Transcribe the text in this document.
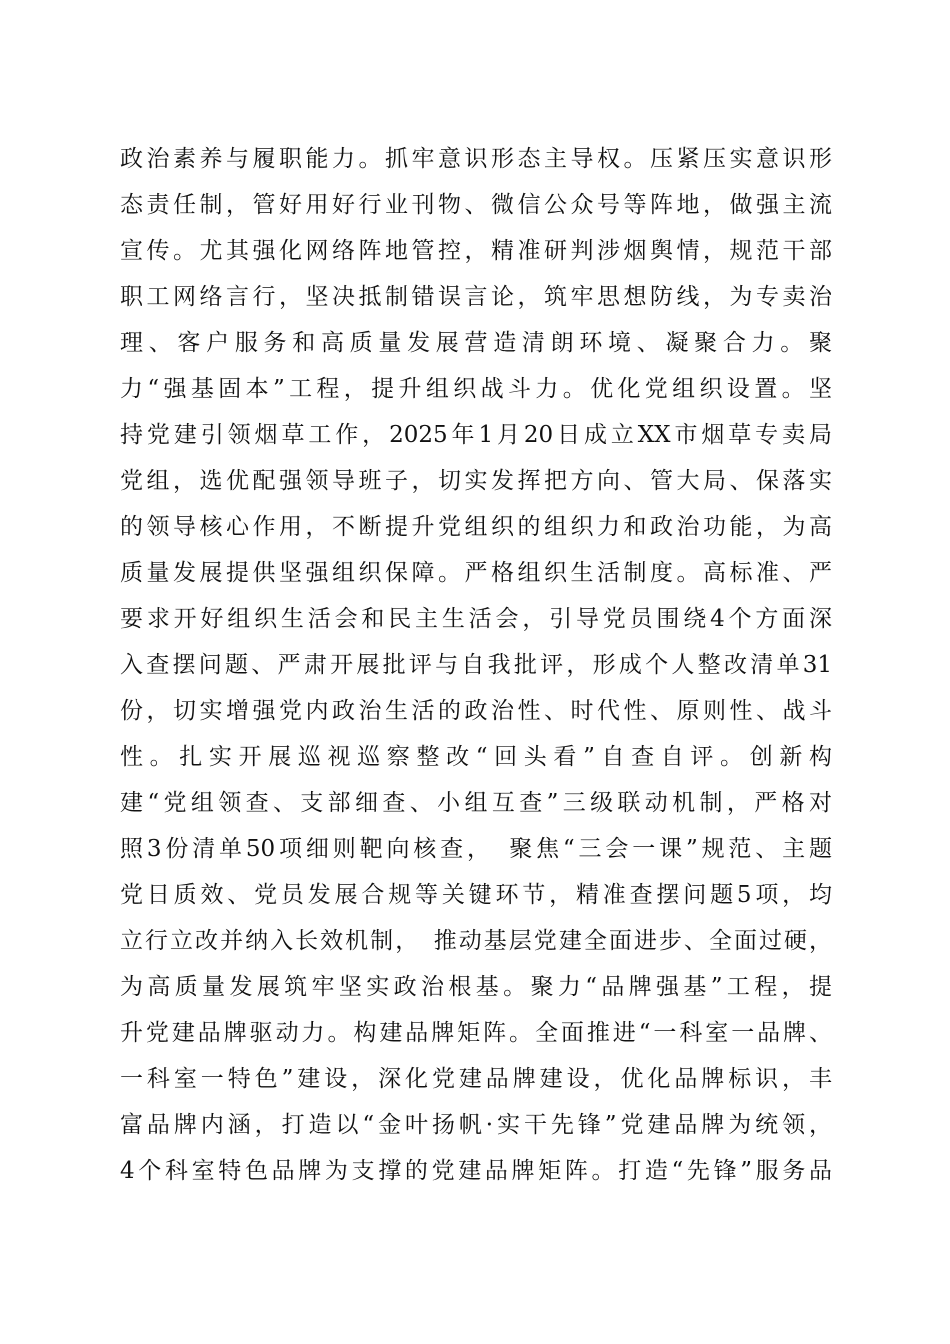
政治素养与履职能力。抓牢意识形态主导权。压紧压实意识形
态责任制，管好用好行业刊物、微信公众号等阵地，做强主流
宣传。尤其强化网络阵地管控，精准研判涉烟舆情，规范干部
职工网络言行，坚决抵制错误言论，筑牢思想防线，为专卖治
理、客户服务和高质量发展营造清朗环境、凝聚合力。聚
力“强基固本”工程，提升组织战斗力。优化党组织设置。坚
持党建引领烟草工作，2025年1月20日成立XX市烟草专卖局
党组，选优配强领导班子，切实发挥把方向、管大局、保落实
的领导核心作用，不断提升党组织的组织力和政治功能，为高
质量发展提供坚强组织保障。严格组织生活制度。高标准、严
要求开好组织生活会和民主生活会，引导党员围绕4个方面深
入查摆问题、严肃开展批评与自我批评，形成个人整改清单31
份，切实增强党内政治生活的政治性、时代性、原则性、战斗
性。扎实开展巡视巡察整改“回头看”自查自评。创新构
建“党组领查、支部细查、小组互查”三级联动机制，严格对
照3份清单50项细则靶向核查，　聚焦“三会一课”规范、主题
党日质效、党员发展合规等关键环节，精准查摆问题5项，均
立行立改并纳入长效机制，　推动基层党建全面进步、全面过硬，
为高质量发展筑牢坚实政治根基。聚力“品牌强基”工程，提
升党建品牌驱动力。构建品牌矩阵。全面推进“一科室一品牌、
一科室一特色”建设，深化党建品牌建设，优化品牌标识，丰
富品牌内涵，打造以“金叶扬帆·实干先锋”党建品牌为统领，
4个科室特色品牌为支撑的党建品牌矩阵。打造“先锋”服务品
